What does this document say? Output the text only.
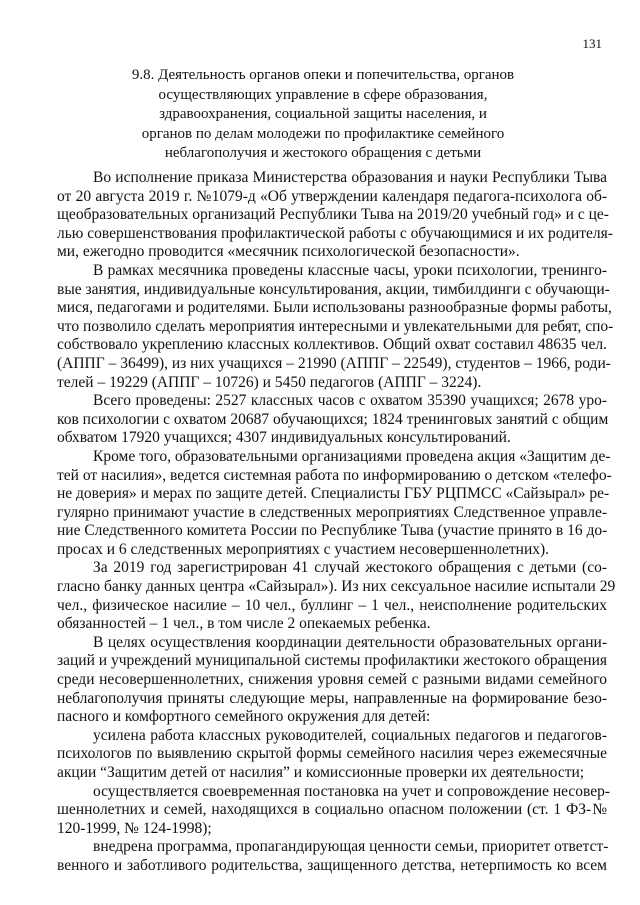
131
9.8. Деятельность органов опеки и попечительства, органов
осуществляющих управление в сфере образования,
здравоохранения, социальной защиты населения, и
органов по делам молодежи по профилактике семейного
неблагополучия и жестокого обращения с детьми
Во исполнение приказа Министерства образования и науки Республики Тыва
от 20 августа 2019 г. №1079-д «Об утверждении календаря педагога-психолога об-
щеобразовательных организаций Республики Тыва на 2019/20 учебный год» и с це-
лью совершенствования профилактической работы с обучающимися и их родителя-
ми, ежегодно проводится «месячник психологической безопасности».
В рамках месячника проведены классные часы, уроки психологии, тренинго-
вые занятия, индивидуальные консультирования, акции, тимбилдинги с обучающи-
мися, педагогами и родителями. Были использованы разнообразные формы работы,
что позволило сделать мероприятия интересными и увлекательными для ребят, спо-
собствовало укреплению классных коллективов. Общий охват составил 48635 чел.
(АППГ – 36499), из них учащихся – 21990 (АППГ – 22549), студентов – 1966, роди-
телей – 19229 (АППГ – 10726) и 5450 педагогов (АППГ – 3224).
Всего проведены: 2527 классных часов с охватом 35390 учащихся; 2678 уро-
ков психологии с охватом 20687 обучающихся; 1824 тренинговых занятий с общим
обхватом 17920 учащихся; 4307 индивидуальных консультирований.
Кроме того, образовательными организациями проведена акция «Защитим де-
тей от насилия», ведется системная работа по информированию о детском «телефо-
не доверия» и мерах по защите детей. Специалисты ГБУ РЦПМСС «Сайзырал» ре-
гулярно принимают участие в следственных мероприятиях Следственное управле-
ние Следственного комитета России по Республике Тыва (участие принято в 16 до-
просах и 6 следственных мероприятиях с участием несовершеннолетних).
За 2019 год зарегистрирован 41 случай жестокого обращения с детьми (со-
гласно банку данных центра «Сайзырал»). Из них сексуальное насилие испытали 29
чел., физическое насилие – 10 чел., буллинг – 1 чел., неисполнение родительских
обязанностей – 1 чел., в том числе 2 опекаемых ребенка.
В целях осуществления координации деятельности образовательных органи-
заций и учреждений муниципальной системы профилактики жестокого обращения
среди несовершеннолетних, снижения уровня семей с разными видами семейного
неблагополучия приняты следующие меры, направленные на формирование безо-
пасного и комфортного семейного окружения для детей:
усилена работа классных руководителей, социальных педагогов и педагогов-
психологов по выявлению скрытой формы семейного насилия через ежемесячные
акции “Защитим детей от насилия” и комиссионные проверки их деятельности;
осуществляется своевременная постановка на учет и сопровождение несовер-
шеннолетних и семей, находящихся в социально опасном положении (ст. 1 ФЗ-№
120-1999, № 124-1998);
внедрена программа, пропагандирующая ценности семьи, приоритет ответст-
венного и заботливого родительства, защищенного детства, нетерпимость ко всем
